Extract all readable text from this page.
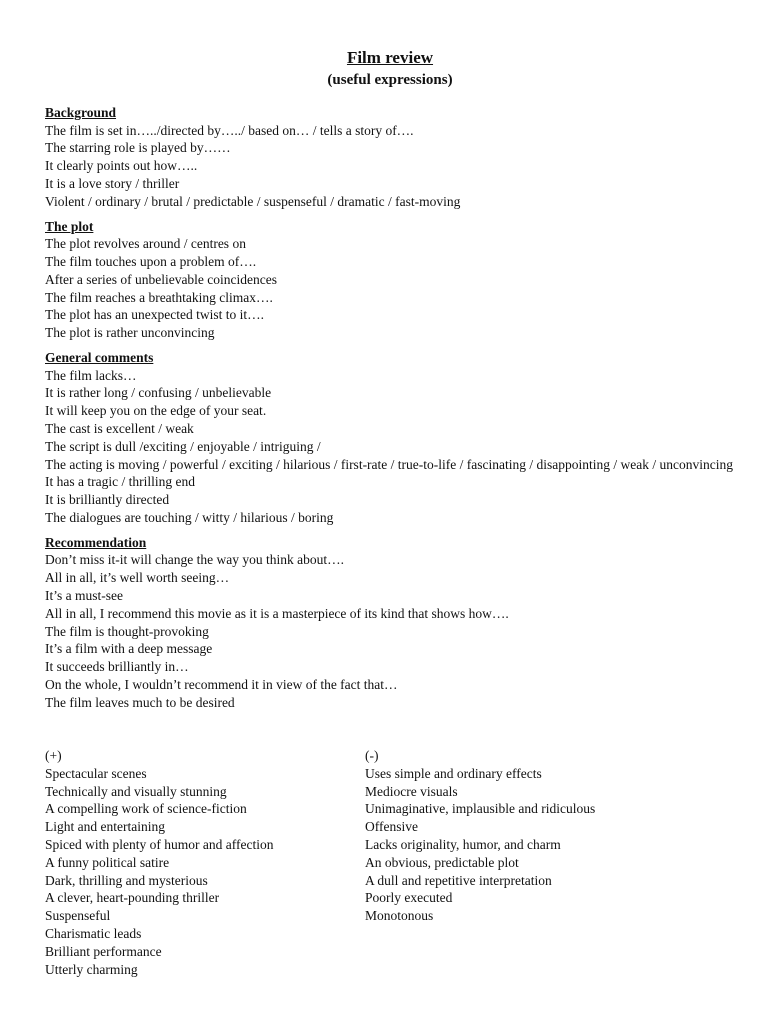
Film review
(useful expressions)

Background

The film is set in…../directed by…../ based on… / tells a story of….

The starring role is played by……

It clearly points out how…..

It is a love story / thriller

Violent / ordinary / brutal / predictable / suspenseful / dramatic / fast-moving

The plot

The plot revolves around / centres on

The film touches upon a problem of….

After a series of unbelievable coincidences

The film reaches a breathtaking climax….

The plot has an unexpected twist to it….

The plot is rather unconvincing

General comments

The film lacks…

It is rather long / confusing / unbelievable

It will keep you on the edge of your seat.

The cast is excellent / weak

The script is dull /exciting / enjoyable / intriguing /

The acting is moving / powerful / exciting / hilarious / first-rate / true-to-life / fascinating / disappointing / weak / unconvincing

It has a tragic / thrilling end

It is brilliantly directed

The dialogues are touching / witty / hilarious / boring

Recommendation

Don’t miss it-it will change the way you think about….

All in all, it’s well worth seeing…

It’s a must-see

All in all, I recommend this movie as it is a masterpiece of its kind that shows how….

The film is thought-provoking

It’s a film with a deep message

It succeeds brilliantly in…

On the whole, I wouldn’t recommend it in view of the fact that…

The film leaves much to be desired

(+)

Spectacular scenes

Technically and visually stunning

A compelling work of science-fiction

Light and entertaining

Spiced with plenty of humor and affection

A funny political satire

Dark, thrilling and mysterious

A clever, heart-pounding thriller

Suspenseful

Charismatic leads

Brilliant performance

Utterly charming

(-)

Uses simple and ordinary effects

Mediocre visuals

Unimaginative, implausible and ridiculous

Offensive

Lacks originality, humor, and charm

An obvious, predictable plot

A dull and repetitive interpretation

Poorly executed

Monotonous
